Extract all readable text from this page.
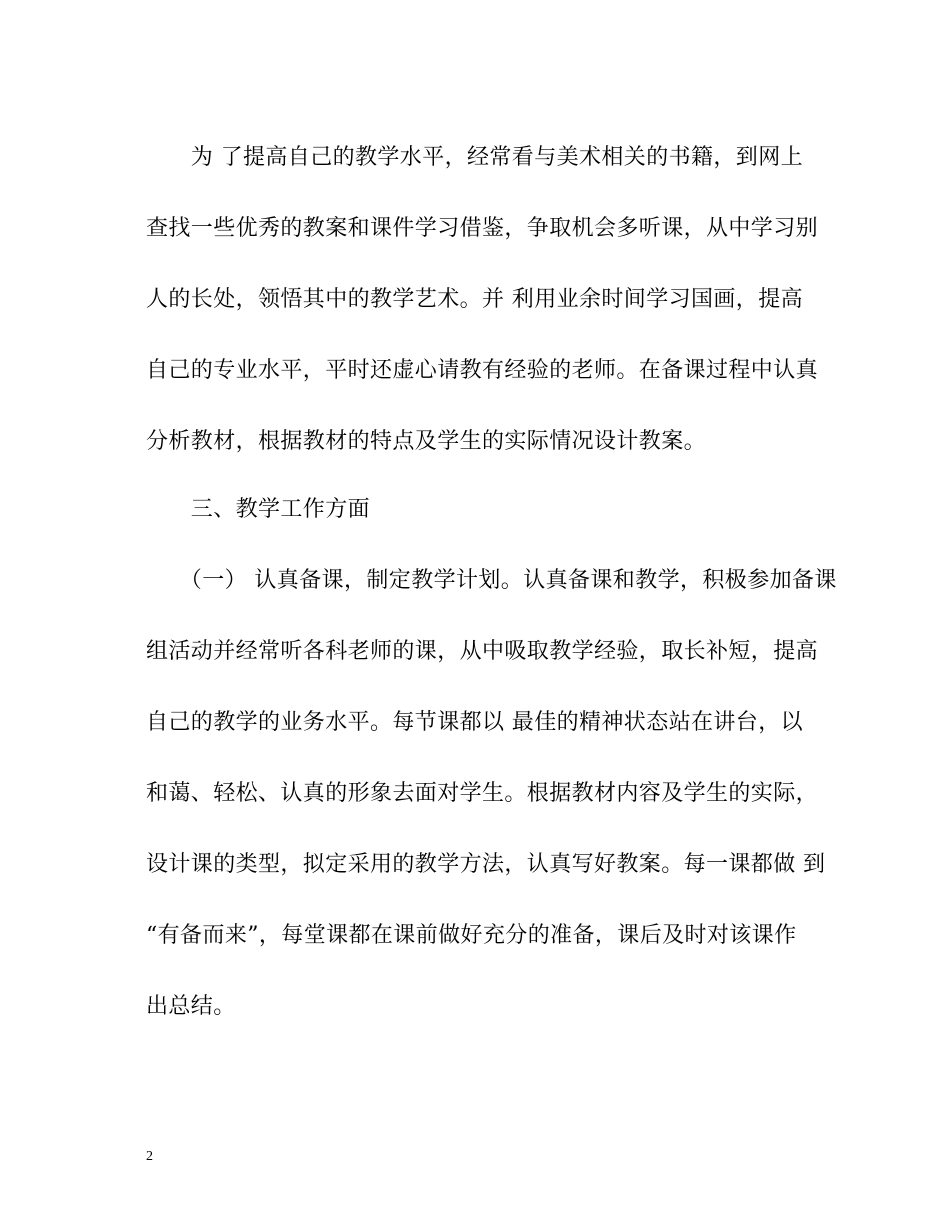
　　为 了提高自己的教学水平，经常看与美术相关的书籍，到网上
查找一些优秀的教案和课件学习借鉴，争取机会多听课，从中学习别
人的长处，领悟其中的教学艺术。并 利用业余时间学习国画，提高
自己的专业水平，平时还虚心请教有经验的老师。在备课过程中认真
分析教材，根据教材的特点及学生的实际情况设计教案。
　　三、教学工作方面
　　（一） 认真备课，制定教学计划。认真备课和教学，积极参加备课
组活动并经常听各科老师的课，从中吸取教学经验，取长补短，提高
自己的教学的业务水平。每节课都以 最佳的精神状态站在讲台，以
和蔼、轻松、认真的形象去面对学生。根据教材内容及学生的实际，
设计课的类型，拟定采用的教学方法，认真写好教案。每一课都做 到
“有备而来”，每堂课都在课前做好充分的准备，课后及时对该课作
出总结。
2
